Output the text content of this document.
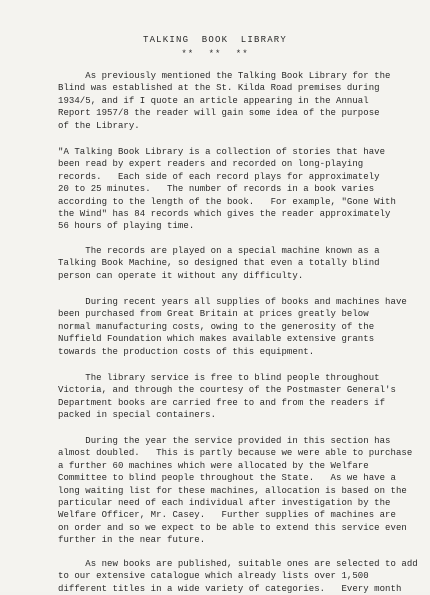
TALKING BOOK LIBRARY
** ** **
As previously mentioned the Talking Book Library for the
Blind was established at the St. Kilda Road premises during
1934/5, and if I quote an article appearing in the Annual
Report 1957/8 the reader will gain some idea of the purpose
of the Library.
"A Talking Book Library is a collection of stories that have
been read by expert readers and recorded on long-playing
records.   Each side of each record plays for approximately
20 to 25 minutes.   The number of records in a book varies
according to the length of the book.   For example, "Gone With
the Wind" has 84 records which gives the reader approximately
56 hours of playing time.
The records are played on a special machine known as a
Talking Book Machine, so designed that even a totally blind
person can operate it without any difficulty.
During recent years all supplies of books and machines have
been purchased from Great Britain at prices greatly below
normal manufacturing costs, owing to the generosity of the
Nuffield Foundation which makes available extensive grants
towards the production costs of this equipment.
The library service is free to blind people throughout
Victoria, and through the courtesy of the Postmaster General's
Department books are carried free to and from the readers if
packed in special containers.
During the year the service provided in this section has
almost doubled.   This is partly because we were able to purchase
a further 60 machines which were allocated by the Welfare
Committee to blind people throughout the State.   As we have a
long waiting list for these machines, allocation is based on the
particular need of each individual after investigation by the
Welfare Officer, Mr. Casey.   Further supplies of machines are
on order and so we expect to be able to extend this service even
further in the near future.
As new books are published, suitable ones are selected to add
to our extensive catalogue which already lists over 1,500
different titles in a wide variety of categories.   Every month
